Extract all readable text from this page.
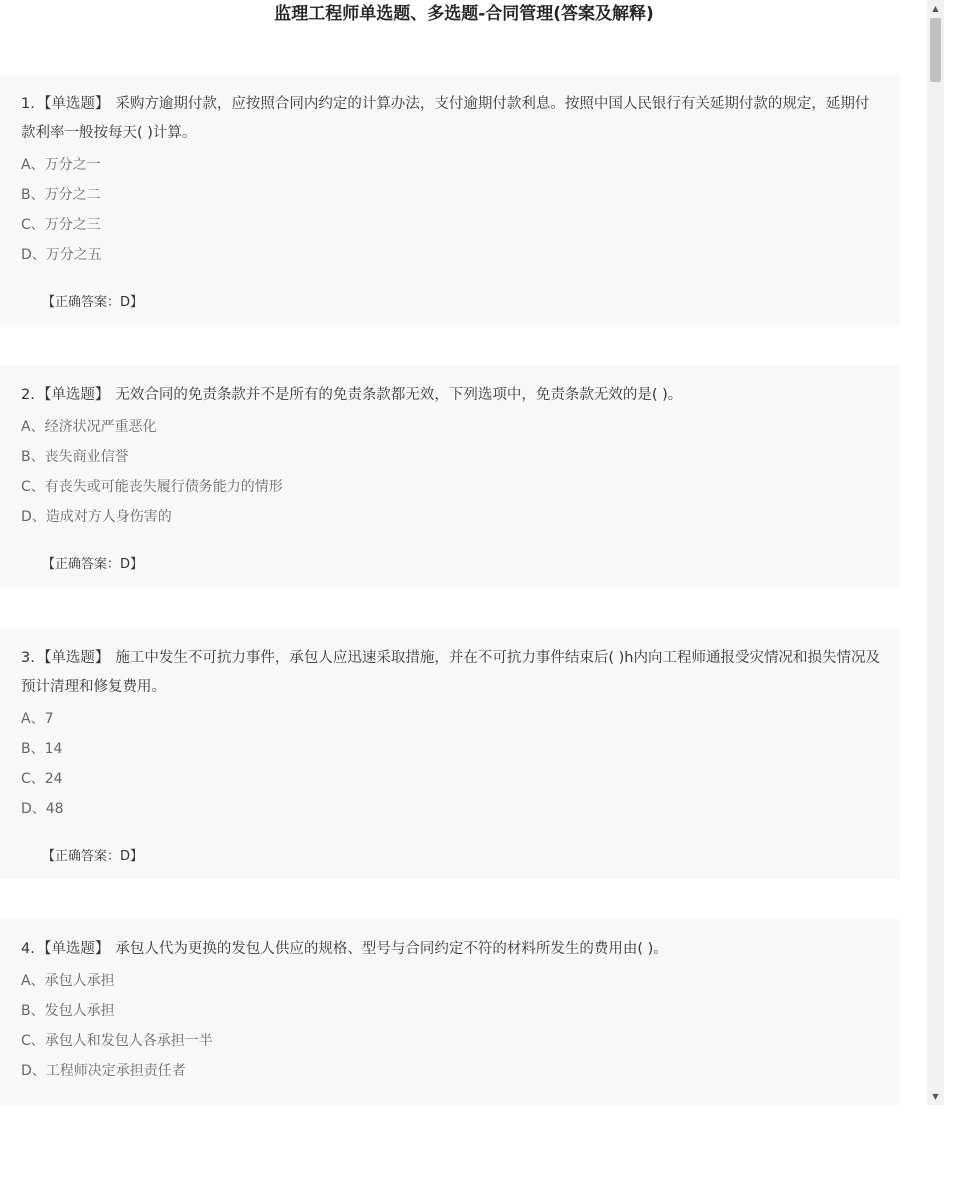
监理工程师单选题、多选题-合同管理(答案及解释)
1. 【单选题】 采购方逾期付款，应按照合同内约定的计算办法，支付逾期付款利息。按照中国人民银行有关延期付款的规定，延期付款利率一般按每天( )计算。
A、万分之一
B、万分之二
C、万分之三
D、万分之五
【正确答案：D】
2. 【单选题】 无效合同的免责条款并不是所有的免责条款都无效，下列选项中，免责条款无效的是( )。
A、经济状况严重恶化
B、丧失商业信誉
C、有丧失或可能丧失履行债务能力的情形
D、造成对方人身伤害的
【正确答案：D】
3. 【单选题】 施工中发生不可抗力事件，承包人应迅速采取措施，并在不可抗力事件结束后( )h内向工程师通报受灾情况和损失情况及预计清理和修复费用。
A、7
B、14
C、24
D、48
【正确答案：D】
4. 【单选题】 承包人代为更换的发包人供应的规格、型号与合同约定不符的材料所发生的费用由( )。
A、承包人承担
B、发包人承担
C、承包人和发包人各承担一半
D、工程师决定承担责任者
▲
▼
